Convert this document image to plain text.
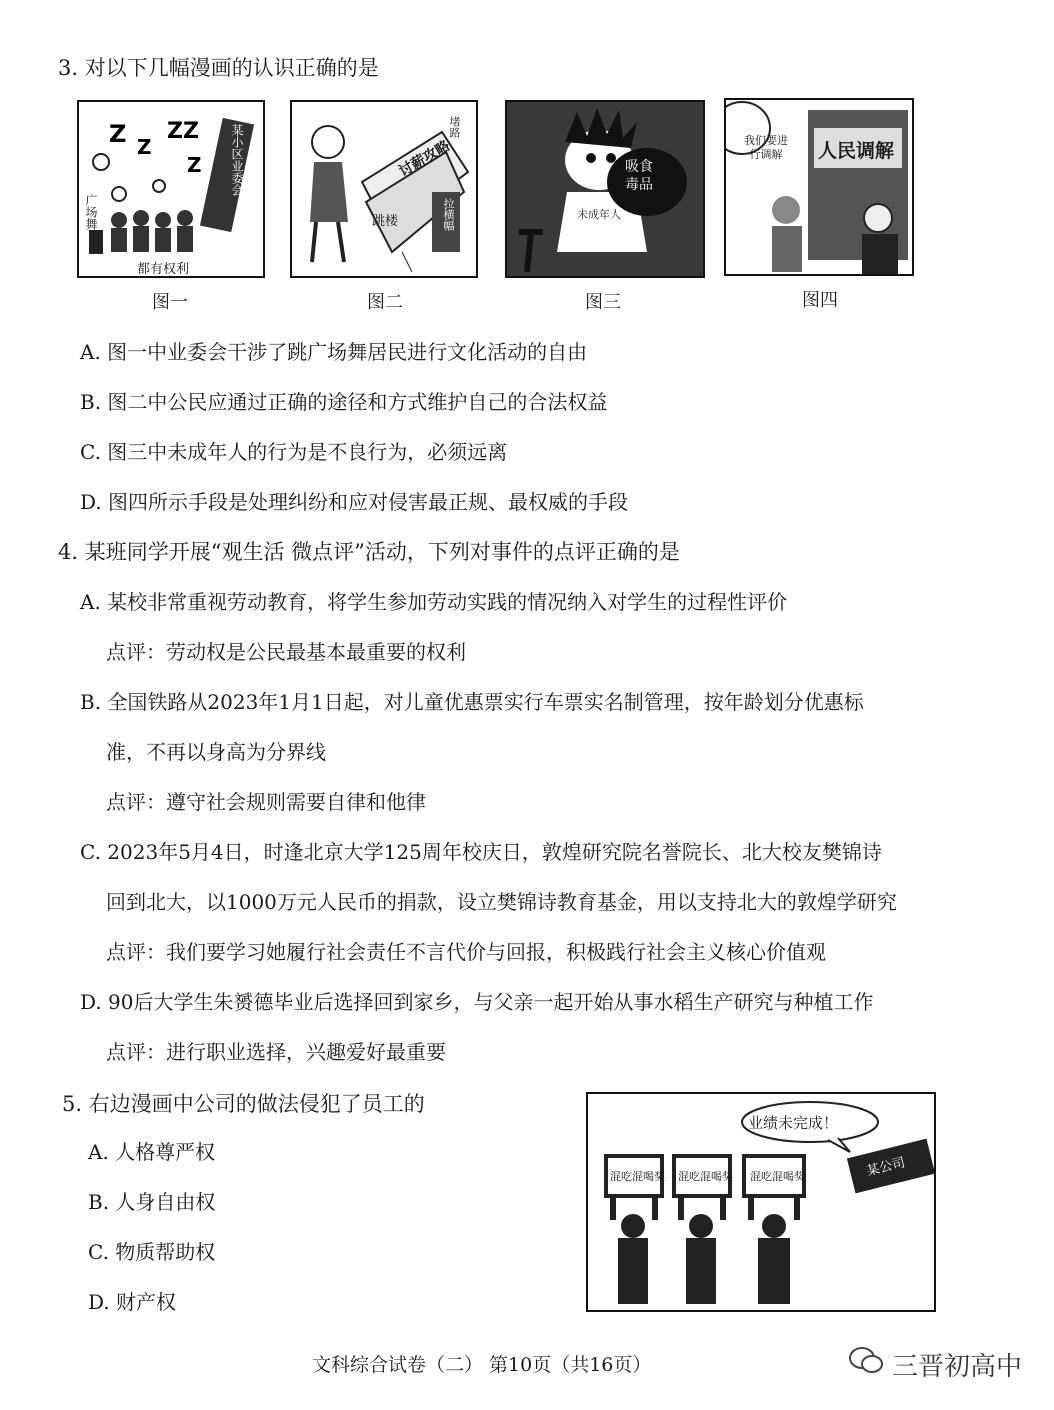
3. 对以下几幅漫画的认识正确的是
Z Z
ZZ
Z
广场舞
某小区业委会
都有权利
讨薪攻略
堵路
跳楼	拉横幅
吸食毒品
未成年人
我们要进行调解	人民调解
图一	图二	图三	图四
A. 图一中业委会干涉了跳广场舞居民进行文化活动的自由
B. 图二中公民应通过正确的途径和方式维护自己的合法权益
C. 图三中未成年人的行为是不良行为，必须远离
D. 图四所示手段是处理纠纷和应对侵害最正规、最权威的手段
4. 某班同学开展“观生活 微点评”活动，下列对事件的点评正确的是
A. 某校非常重视劳动教育，将学生参加劳动实践的情况纳入对学生的过程性评价
点评：劳动权是公民最基本最重要的权利
B. 全国铁路从2023年1月1日起，对儿童优惠票实行车票实名制管理，按年龄划分优惠标
准，不再以身高为分界线
点评：遵守社会规则需要自律和他律
C. 2023年5月4日，时逢北京大学125周年校庆日，敦煌研究院名誉院长、北大校友樊锦诗
回到北大，以1000万元人民币的捐款，设立樊锦诗教育基金，用以支持北大的敦煌学研究
点评：我们要学习她履行社会责任不言代价与回报，积极践行社会主义核心价值观
D. 90后大学生朱赟德毕业后选择回到家乡，与父亲一起开始从事水稻生产研究与种植工作
点评：进行职业选择，兴趣爱好最重要
5. 右边漫画中公司的做法侵犯了员工的
A. 人格尊严权
B. 人身自由权
C. 物质帮助权
D. 财产权
业绩未完成！
某公司
混吃混喝奖 混吃混喝奖 混吃混喝奖
文科综合试卷（二） 第10页（共16页）	三晋初高中
